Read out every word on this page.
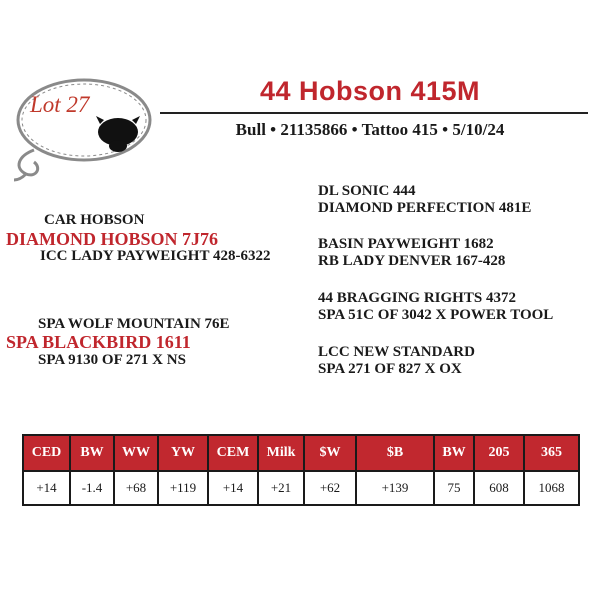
Lot 27	44 Hobson 415M
Bull • 21135866 • Tattoo 415 • 5/10/24
CAR HOBSON
DIAMOND HOBSON 7J76
ICC LADY PAYWEIGHT 428-6322
SPA WOLF MOUNTAIN 76E
SPA BLACKBIRD 1611
SPA 9130 OF 271 X NS
DL SONIC 444
DIAMOND PERFECTION 481E
BASIN PAYWEIGHT 1682
RB LADY DENVER 167-428
44 BRAGGING RIGHTS 4372
SPA 51C OF 3042 X POWER TOOL
LCC NEW STANDARD
SPA 271 OF 827 X OX
CED	BW	WW	YW	CEM	Milk	$W	$B	BW	205	365
+14	-1.4	+68	+119	+14	+21	+62	+139	75	608	1068
